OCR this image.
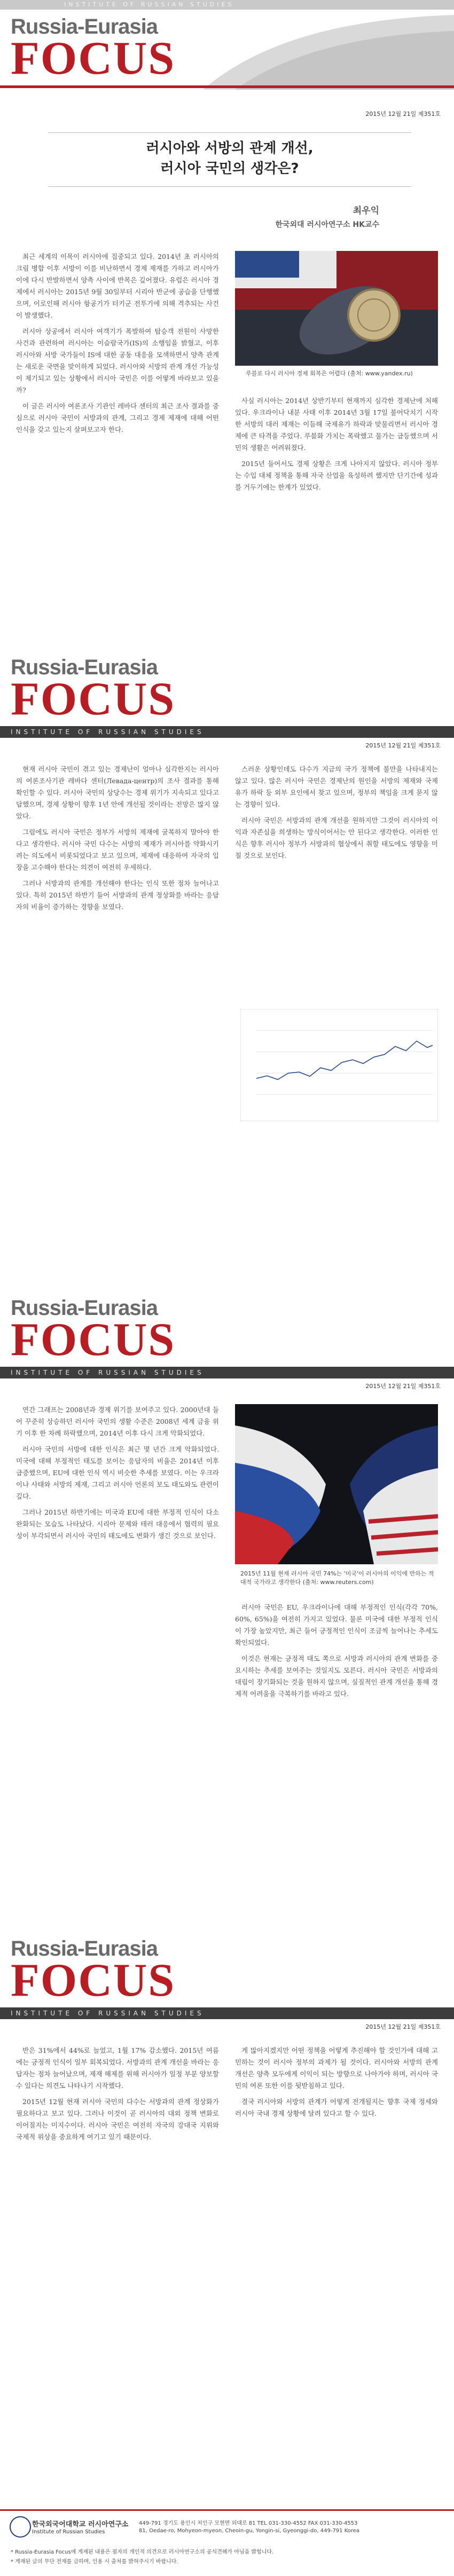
INSTITUTE OF RUSSIAN STUDIES
Russia-Eurasia
FOCUS
2015년 12월 21일 제351호
러시아와 서방의 관계 개선,
러시아 국민의 생각은?
최우익
한국외대 러시아연구소 HK교수

최근 세계의 이목이 러시아에 집중되고 있다. 2014년 초 러시아의 크림 병합 이후 서방이 이를 비난하면서 경제 제재를 가하고 러시아가 이에 다시 반발하면서 양측 사이에 반목은 깊어졌다. 유럽은 러시아 경제에서 러시아는 2015년 9월 30일부터 시리아 반군에 공습을 단행했으며, 이로인해 러시아 항공기가 터키군 전투기에 의해 격추되는 사건이 발생했다.

러시아 상공에서 러시아 여객기가 폭발하여 탑승객 전원이 사망한 사건과 관련하여 러시아는 이슬람국가(IS)의 소행임을 밝혔고, 이후 러시아와 서방 국가들이 IS에 대한 공동 대응을 모색하면서 양측 관계는 새로운 국면을 맞이하게 되었다. 러시아와 서방의 관계 개선 가능성이 제기되고 있는 상황에서 러시아 국민은 이를 어떻게 바라보고 있을까?

이 글은 러시아 여론조사 기관인 레바다 센터의 최근 조사 결과를 중심으로 러시아 국민이 서방과의 관계, 그리고 경제 제재에 대해 어떤 인식을 갖고 있는지 살펴보고자 한다.

루블로 다시 러시아 경제 회복은 어렵다 (출처: www.yandex.ru)

사실 러시아는 2014년 상반기부터 현재까지 심각한 경제난에 처해 있다. 우크라이나 내분 사태 이후 2014년 3월 17일 불어닥치기 시작한 서방의 대러 제재는 이듬해 국제유가 하락과 맞물리면서 러시아 경제에 큰 타격을 주었다. 루블화 가치는 폭락했고 물가는 급등했으며 서민의 생활은 어려워졌다.

2015년 들어서도 경제 상황은 크게 나아지지 않았다. 러시아 정부는 수입 대체 정책을 통해 자국 산업을 육성하려 했지만 단기간에 성과를 거두기에는 한계가 있었다.

Russia-Eurasia
FOCUS
INSTITUTE OF RUSSIAN STUDIES
2015년 12월 21일 제351호

현재 러시아 국민이 겪고 있는 경제난이 얼마나 심각한지는 러시아의 여론조사기관 레바다 센터(Левада-центр)의 조사 결과를 통해 확인할 수 있다. 러시아 국민의 상당수는 경제 위기가 지속되고 있다고 답했으며, 경제 상황이 향후 1년 안에 개선될 것이라는 전망은 많지 않았다.

그럼에도 러시아 국민은 정부가 서방의 제재에 굴복하지 말아야 한다고 생각한다. 러시아 국민 다수는 서방의 제재가 러시아를 약화시키려는 의도에서 비롯되었다고 보고 있으며, 제재에 대응하여 자국의 입장을 고수해야 한다는 의견이 여전히 우세하다.

그러나 서방과의 관계를 개선해야 한다는 인식 또한 점차 늘어나고 있다. 특히 2015년 하반기 들어 서방과의 관계 정상화를 바라는 응답자의 비율이 증가하는 경향을 보였다.

스러운 상황인데도 다수가 지금의 국가 정책에 불만을 나타내지는 않고 있다. 많은 러시아 국민은 경제난의 원인을 서방의 제재와 국제 유가 하락 등 외부 요인에서 찾고 있으며, 정부의 책임을 크게 묻지 않는 경향이 있다.

러시아 국민은 서방과의 관계 개선을 원하지만 그것이 러시아의 이익과 자존심을 희생하는 방식이어서는 안 된다고 생각한다. 이러한 인식은 향후 러시아 정부가 서방과의 협상에서 취할 태도에도 영향을 미칠 것으로 보인다.

Russia-Eurasia
FOCUS
INSTITUTE OF RUSSIAN STUDIES
2015년 12월 21일 제351호

연간 그래프는 2008년과 경제 위기를 보여주고 있다. 2000년대 들어 꾸준히 상승하던 러시아 국민의 생활 수준은 2008년 세계 금융 위기 이후 한 차례 하락했으며, 2014년 이후 다시 크게 악화되었다.

러시아 국민의 서방에 대한 인식은 최근 몇 년간 크게 악화되었다. 미국에 대해 부정적인 태도를 보이는 응답자의 비율은 2014년 이후 급증했으며, EU에 대한 인식 역시 비슷한 추세를 보였다. 이는 우크라이나 사태와 서방의 제재, 그리고 러시아 언론의 보도 태도와도 관련이 깊다.

그러나 2015년 하반기에는 미국과 EU에 대한 부정적 인식이 다소 완화되는 모습도 나타났다. 시리아 문제와 테러 대응에서 협력의 필요성이 부각되면서 러시아 국민의 태도에도 변화가 생긴 것으로 보인다.

2015년 11월 현재 러시아 국민 74%는 '미국'이 러시아의 이익에 반하는 적대적 국가라고 생각한다 (출처: www.reuters.com)

러시아 국민은 EU, 우크라이나에 대해 부정적인 인식(각각 70%, 60%, 65%)을 여전히 가지고 있었다. 물론 미국에 대한 부정적 인식이 가장 높았지만, 최근 들어 긍정적인 인식이 조금씩 늘어나는 추세도 확인되었다.

이것은 현재는 긍정적 태도 쪽으로 서방과 러시아의 관계 변화를 중요시하는 추세를 보여주는 것일지도 모른다. 러시아 국민은 서방과의 대립이 장기화되는 것을 원하지 않으며, 실질적인 관계 개선을 통해 경제적 어려움을 극복하기를 바라고 있다.

Russia-Eurasia
FOCUS
INSTITUTE OF RUSSIAN STUDIES
2015년 12월 21일 제351호

반은 31%에서 44%로 늘었고, 1월 17% 감소했다. 2015년 여름에는 긍정적 인식이 일부 회복되었다. 서방과의 관계 개선을 바라는 응답자는 점차 늘어났으며, 제재 해제를 위해 러시아가 일정 부분 양보할 수 있다는 의견도 나타나기 시작했다.

2015년 12월 현재 러시아 국민의 다수는 서방과의 관계 정상화가 필요하다고 보고 있다. 그러나 이것이 곧 러시아의 대외 정책 변화로 이어질지는 미지수이다. 러시아 국민은 여전히 자국의 강대국 지위와 국제적 위상을 중요하게 여기고 있기 때문이다.

게 많아지겠지만 어떤 정책을 어떻게 추진해야 할 것인가에 대해 고민하는 것이 러시아 정부의 과제가 될 것이다. 러시아와 서방의 관계 개선은 양측 모두에게 이익이 되는 방향으로 나아가야 하며, 러시아 국민의 여론 또한 이를 뒷받침하고 있다.

결국 러시아와 서방의 관계가 어떻게 전개될지는 향후 국제 정세와 러시아 국내 경제 상황에 달려 있다고 할 수 있다.

한국외국어대학교 러시아연구소
Institute of Russian Studies
449-791 경기도 용인시 처인구 모현면 외대로 81 TEL 031-330-4552 FAX 031-330-4553
81, Oedae-ro, Mohyeon-myeon, Cheoin-gu, Yongin-si, Gyeonggi-do, 449-791 Korea
* Russia-Eurasia Focus에 게재된 내용은 필자의 개인적 의견으로 러시아연구소의 공식견해가 아님을 밝힙니다.
* 게재된 글의 무단 전재를 금하며, 인용 시 출처를 밝혀주시기 바랍니다.
